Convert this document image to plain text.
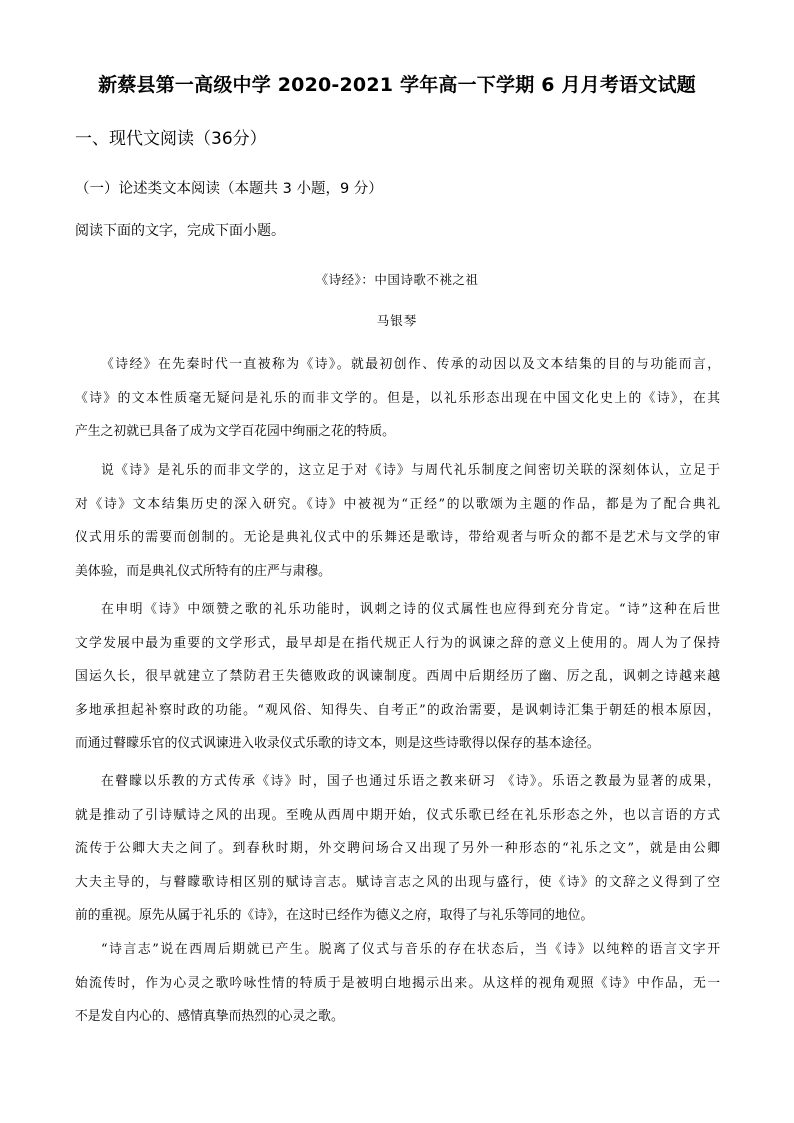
新蔡县第一高级中学 2020-2021 学年高一下学期 6 月月考语文试题
一、现代文阅读（36分）
（一）论述类文本阅读（本题共 3 小题，9 分）
阅读下面的文字，完成下面小题。
《诗经》：中国诗歌不祧之祖
马银琴

《诗经》在先秦时代一直被称为《诗》。就最初创作、传承的动因以及文本结集的目的与功能而言，
《诗》的文本性质毫无疑问是礼乐的而非文学的。但是，以礼乐形态出现在中国文化史上的《诗》，在其
产生之初就已具备了成为文学百花园中绚丽之花的特质。

说《诗》是礼乐的而非文学的，这立足于对《诗》与周代礼乐制度之间密切关联的深刻体认，立足于
对《诗》文本结集历史的深入研究。《诗》中被视为“正经”的以歌颂为主题的作品，都是为了配合典礼
仪式用乐的需要而创制的。无论是典礼仪式中的乐舞还是歌诗，带给观者与听众的都不是艺术与文学的审
美体验，而是典礼仪式所特有的庄严与肃穆。

在申明《诗》中颂赞之歌的礼乐功能时，讽刺之诗的仪式属性也应得到充分肯定。“诗”这种在后世
文学发展中最为重要的文学形式，最早却是在指代规正人行为的讽谏之辞的意义上使用的。周人为了保持
国运久长，很早就建立了禁防君王失德败政的讽谏制度。西周中后期经历了幽、厉之乱，讽刺之诗越来越
多地承担起补察时政的功能。“观风俗、知得失、自考正”的政治需要，是讽刺诗汇集于朝廷的根本原因，
而通过瞽矇乐官的仪式讽谏进入收录仪式乐歌的诗文本，则是这些诗歌得以保存的基本途径。

在瞽矇以乐教的方式传承《诗》时，国子也通过乐语之教来研习 《诗》。乐语之教最为显著的成果，
就是推动了引诗赋诗之风的出现。至晚从西周中期开始，仪式乐歌已经在礼乐形态之外，也以言语的方式
流传于公卿大夫之间了。到春秋时期，外交聘问场合又出现了另外一种形态的“礼乐之文”，就是由公卿
大夫主导的，与瞽矇歌诗相区别的赋诗言志。赋诗言志之风的出现与盛行，使《诗》的文辞之义得到了空
前的重视。原先从属于礼乐的《诗》，在这时已经作为德义之府，取得了与礼乐等同的地位。

“诗言志”说在西周后期就已产生。脱离了仪式与音乐的存在状态后，当《诗》以纯粹的语言文字开
始流传时，作为心灵之歌吟咏性情的特质于是被明白地揭示出来。从这样的视角观照《诗》中作品，无一
不是发自内心的、感情真挚而热烈的心灵之歌。
